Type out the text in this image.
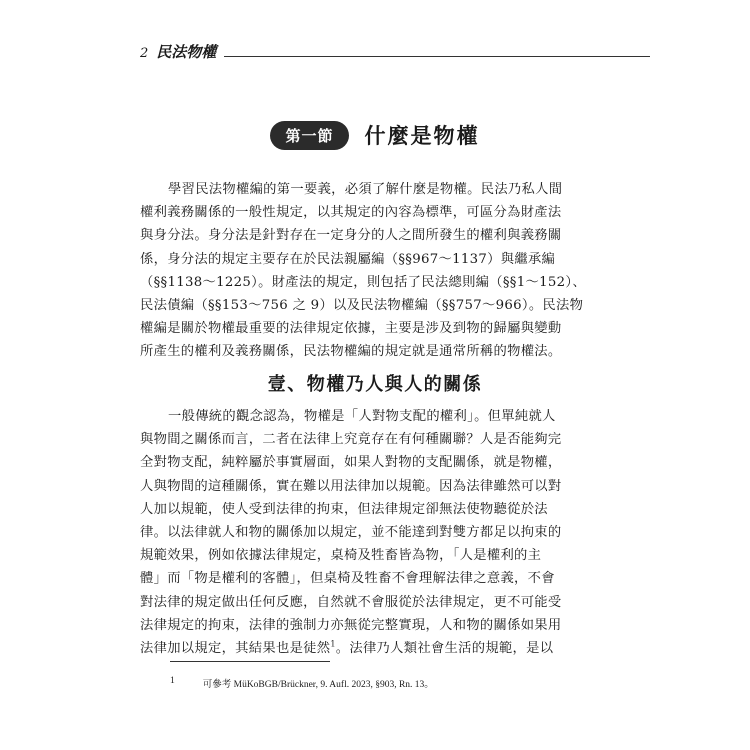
2 民法物權
第一節	什麼是物權
學習民法物權編的第一要義，必須了解什麼是物權。民法乃私人間
權利義務關係的一般性規定，以其規定的內容為標準，可區分為財產法
與身分法。身分法是針對存在一定身分的人之間所發生的權利與義務關
係，身分法的規定主要存在於民法親屬編（§§967～1137）與繼承編
（§§1138～1225）。財產法的規定，則包括了民法總則編（§§1～152）、
民法債編（§§153～756 之 9）以及民法物權編（§§757～966）。民法物
權編是關於物權最重要的法律規定依據，主要是涉及到物的歸屬與變動
所產生的權利及義務關係，民法物權編的規定就是通常所稱的物權法。
壹、物權乃人與人的關係
一般傳統的觀念認為，物權是「人對物支配的權利」。但單純就人
與物間之關係而言，二者在法律上究竟存在有何種關聯？人是否能夠完
全對物支配，純粹屬於事實層面，如果人對物的支配關係，就是物權，
人與物間的這種關係，實在難以用法律加以規範。因為法律雖然可以對
人加以規範，使人受到法律的拘束，但法律規定卻無法使物聽從於法
律。以法律就人和物的關係加以規定，並不能達到對雙方都足以拘束的
規範效果，例如依據法律規定，桌椅及牲畜皆為物，「人是權利的主
體」而「物是權利的客體」，但桌椅及牲畜不會理解法律之意義，不會
對法律的規定做出任何反應，自然就不會服從於法律規定，更不可能受
法律規定的拘束，法律的強制力亦無從完整實現，人和物的關係如果用
法律加以規定，其結果也是徒然$^1$。法律乃人類社會生活的規範，是以
1	可參考 MüKoBGB/Brückner, 9. Aufl. 2023, §903, Rn. 13。
